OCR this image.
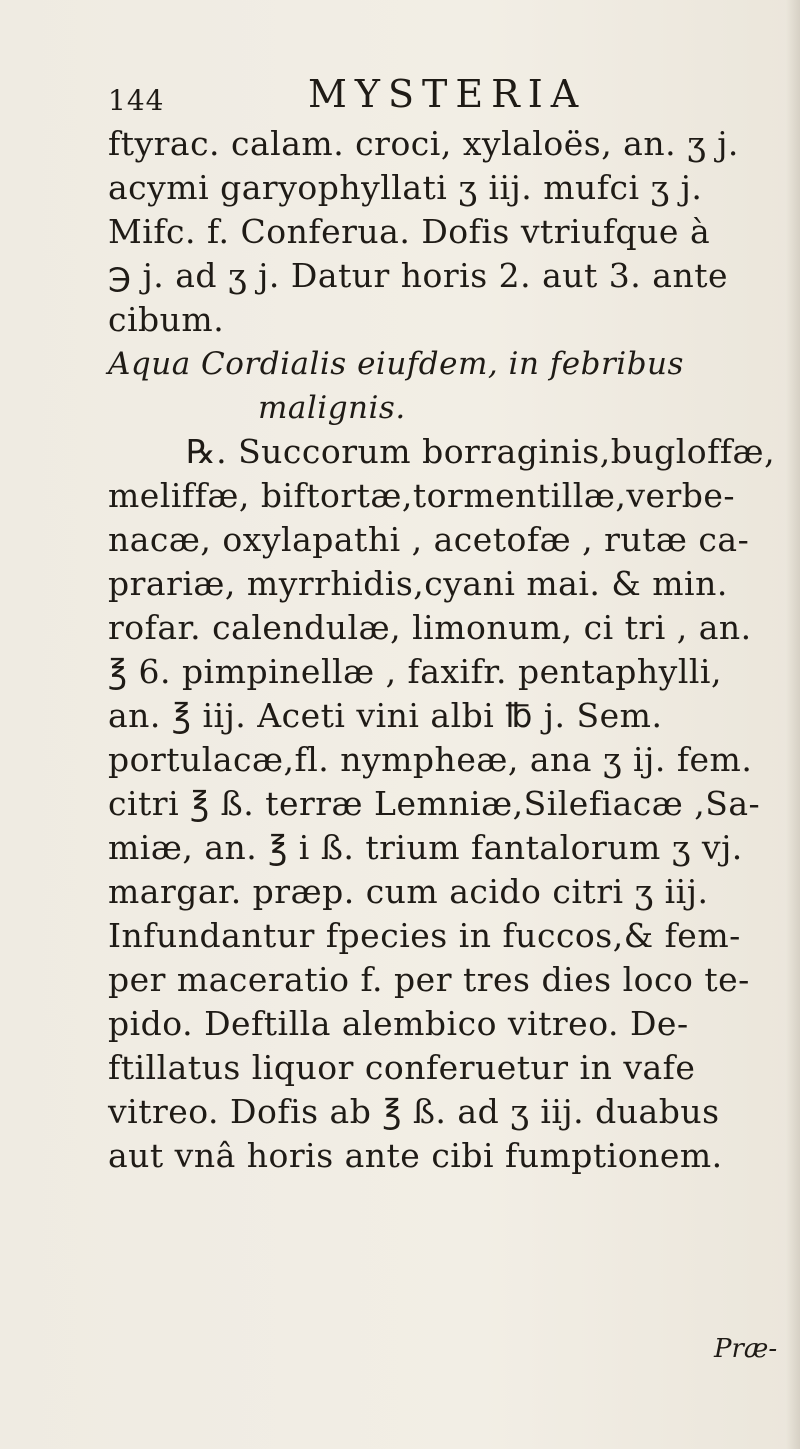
144	MYSTERIA
ftyrac. calam. croci, xylaloës, an. ʒ j.
acymi garyophyllati ʒ iij. mufci ʒ j.
Mifc. f. Conferua. Dofis vtriufque à
℈ j. ad ʒ j. Datur horis 2. aut 3. ante
cibum.
Aqua Cordialis eiufdem, in febribus
malignis.
℞. Succorum borraginis,bugloffæ,
meliffæ, biftortæ,tormentillæ,verbe-
nacæ, oxylapathi , acetofæ , rutæ ca-
prariæ, myrrhidis,cyani mai. & min.
rofar. calendulæ, limonum, ci tri , an.
℥ 6. pimpinellæ , faxifr. pentaphylli,
an. ℥ iij. Aceti vini albi ℔ j. Sem.
portulacæ,fl. nymphеæ, ana ʒ ij. fem.
citri ℥ ß. terræ Lemniæ,Silefiacæ ,Sa-
miæ, an. ℥ i ß. trium fantalorum ʒ vj.
margar. præp. cum acido citri ʒ iij.
Infundantur fpecies in fuccos,& fem-
per maceratio f. per tres dies loco te-
pido. Deftilla alembico vitreo. De-
ftillatus liquor conferuetur in vafe
vitreo. Dofis ab ℥ ß. ad ʒ iij. duabus
aut vnâ horis ante cibi fumptionem.
Præ-
